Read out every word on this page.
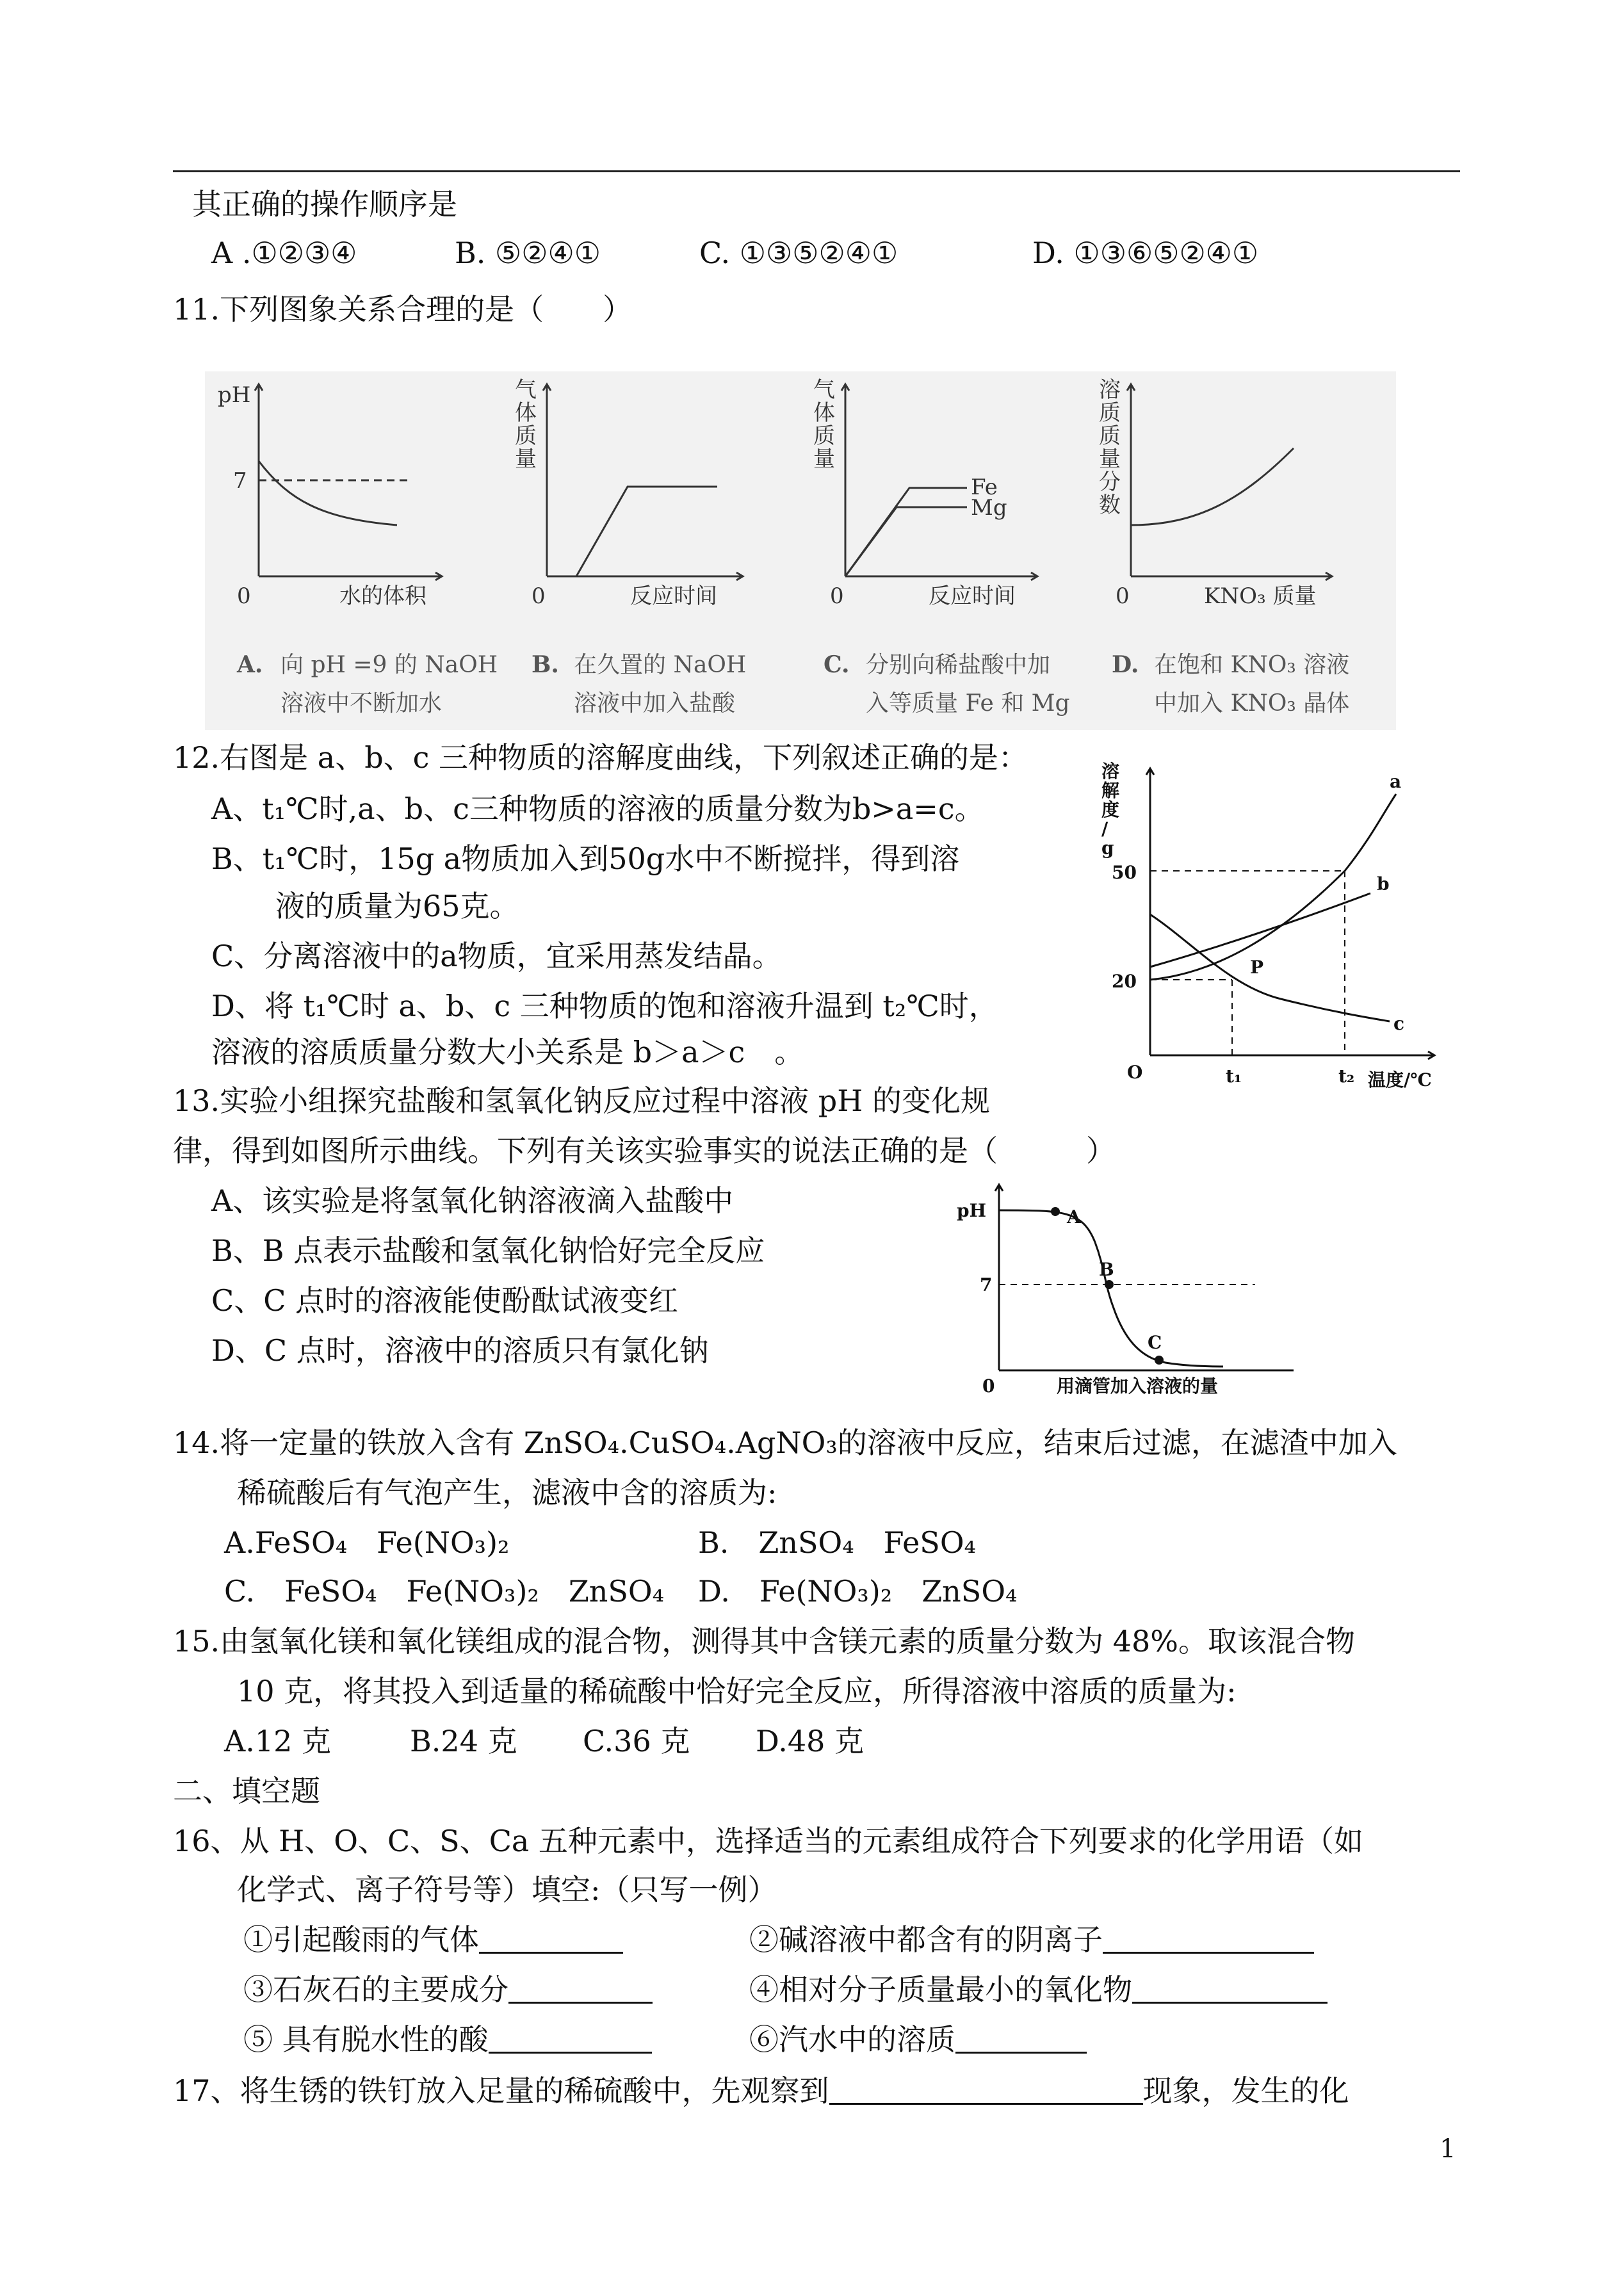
其正确的操作顺序是
A .①②③④	B. ⑤②④①	C. ①③⑤②④①	D. ①③⑥⑤②④①
11.下列图象关系合理的是（　　）
pH
7
0	水的体积	0	反应时间	0	反应时间
Fe
Mg
0	KNO₃ 质量
气体质量
气体质量
溶质质量分数
A. 向 pH =9 的 NaOH
溶液中不断加水
B. 在久置的 NaOH
溶液中加入盐酸
C. 分别向稀盐酸中加
入等质量 Fe 和 Mg
D. 在饱和 KNO₃ 溶液
中加入 KNO₃ 晶体
12.右图是 a、b、c 三种物质的溶解度曲线，下列叙述正确的是：
A、t₁℃时,a、b、c三种物质的溶液的质量分数为b>a=c。
B、t₁℃时，15g a物质加入到50g水中不断搅拌，得到溶
液的质量为65克。
C、分离溶液中的a物质，宜采用蒸发结晶。
D、将 t₁℃时 a、b、c 三种物质的饱和溶液升温到 t₂℃时，
溶液的溶质质量分数大小关系是 b＞a＞c　。
溶解度/ g
50
20
O	t₁	t₂ 温度/℃
a
b
c
P
13.实验小组探究盐酸和氢氧化钠反应过程中溶液 pH 的变化规
律，得到如图所示曲线。下列有关该实验事实的说法正确的是（　　　）
A、该实验是将氢氧化钠溶液滴入盐酸中
B、B 点表示盐酸和氢氧化钠恰好完全反应
C、C 点时的溶液能使酚酞试液变红
D、C 点时，溶液中的溶质只有氯化钠
pH
7
0	用滴管加入溶液的量
A
B
C
14.将一定量的铁放入含有 ZnSO₄.CuSO₄.AgNO₃的溶液中反应，结束后过滤，在滤渣中加入
稀硫酸后有气泡产生，滤液中含的溶质为:
A.FeSO₄　Fe(NO₃)₂	B.　ZnSO₄　FeSO₄
C.　FeSO₄　Fe(NO₃)₂　ZnSO₄ D.　Fe(NO₃)₂　ZnSO₄
15.由氢氧化镁和氧化镁组成的混合物，测得其中含镁元素的质量分数为 48%。取该混合物
10 克，将其投入到适量的稀硫酸中恰好完全反应，所得溶液中溶质的质量为:
A.12 克	B.24 克 C.36 克 D.48 克
二、填空题
16、从 H、O、C、S、Ca 五种元素中，选择适当的元素组成符合下列要求的化学用语（如
化学式、离子符号等）填空:（只写一例）
①引起酸雨的气体	②碱溶液中都含有的阴离子
③石灰石的主要成分	④相对分子质量最小的氧化物
⑤ 具有脱水性的酸	⑥汽水中的溶质
17、将生锈的铁钉放入足量的稀硫酸中，先观察到	现象，发生的化
1
